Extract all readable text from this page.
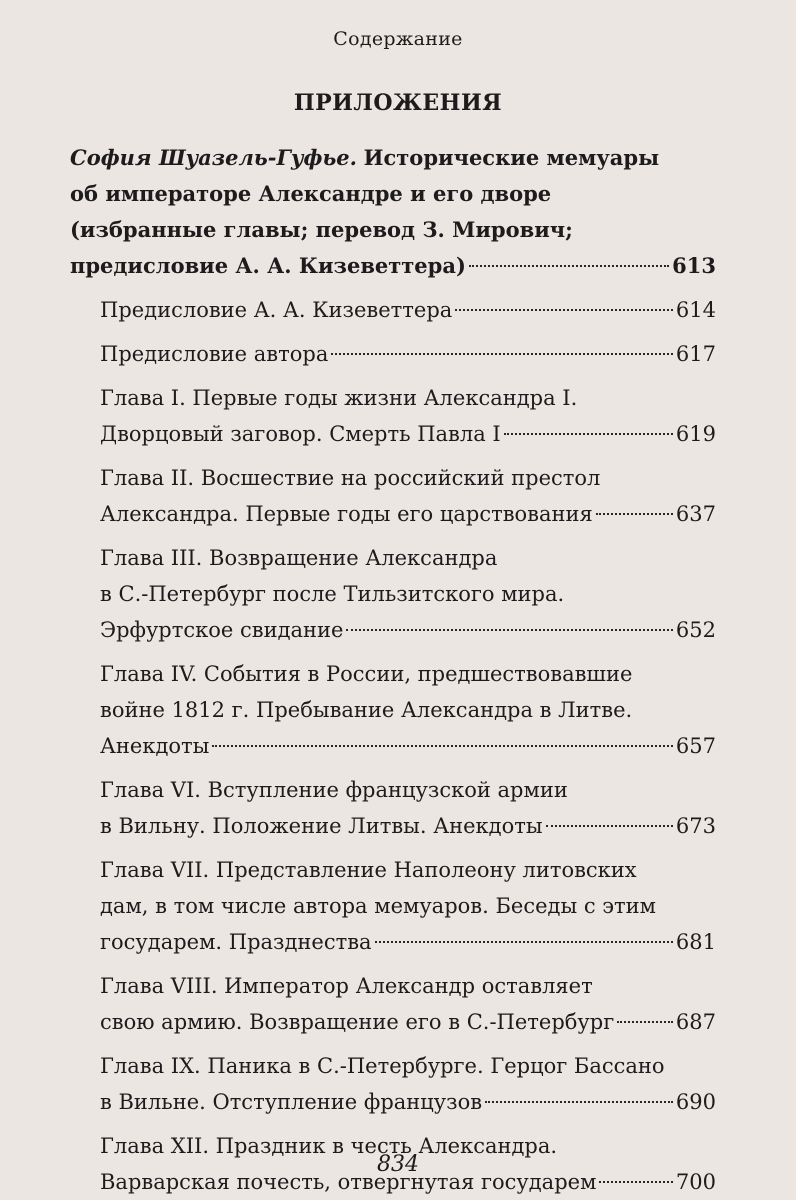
Содержание
ПРИЛОЖЕНИЯ
София Шуазель-Гуфье. Исторические мемуары
об императоре Александре и его дворе
(избранные главы; перевод З. Мирович;
предисловие А. А. Кизеветтера)	613
Предисловие А. А. Кизеветтера	614
Предисловие автора	617
Глава I. Первые годы жизни Александра I.
Дворцовый заговор. Смерть Павла I	619
Глава II. Восшествие на российский престол
Александра. Первые годы его царствования	637
Глава III. Возвращение Александра
в С.-Петербург после Тильзитского мира.
Эрфуртское свидание	652
Глава IV. События в России, предшествовавшие
войне 1812 г. Пребывание Александра в Литве.
Анекдоты	657
Глава VI. Вступление французской армии
в Вильну. Положение Литвы. Анекдоты	673
Глава VII. Представление Наполеону литовских
дам, в том числе автора мемуаров. Беседы с этим
государем. Празднества	681
Глава VIII. Император Александр оставляет
свою армию. Возвращение его в С.-Петербург	687
Глава IX. Паника в С.-Петербурге. Герцог Бассано
в Вильне. Отступление французов	690
Глава XII. Праздник в честь Александра.
Варварская почесть, отвергнутая государем	700
834
